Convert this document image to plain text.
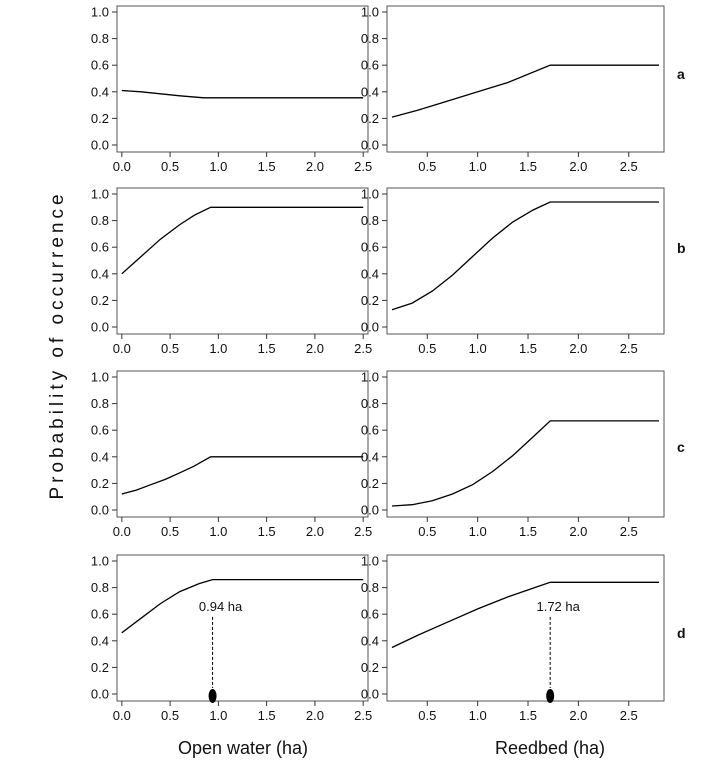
0.0
0.2
0.4
0.6
0.8
1.0
0.0 0.5 1.0 1.5 2.0 2.5
0.0
0.2
0.4
0.6
0.8
1.0
0.5 1.0 1.5 2.0 2.5
0.0
0.2
0.4
0.6
0.8
1.0
0.0 0.5 1.0 1.5 2.0 2.5
0.0
0.2
0.4
0.6
0.8
1.0
0.5 1.0 1.5 2.0 2.5
0.0
0.2
0.4
0.6
0.8
1.0
0.0 0.5 1.0 1.5 2.0 2.5
0.0
0.2
0.4
0.6
0.8
1.0
0.5 1.0 1.5 2.0 2.5
0.0
0.2
0.4
0.6
0.8
1.0
0.0 0.5 1.0 1.5 2.0 2.5
0.94 ha
0.0
0.2
0.4
0.6
0.8
1.0
0.5 1.0 1.5 2.0 2.5
1.72 ha
Probability of occurrence
Open water (ha)	Reedbed (ha)
a
b
c
d
